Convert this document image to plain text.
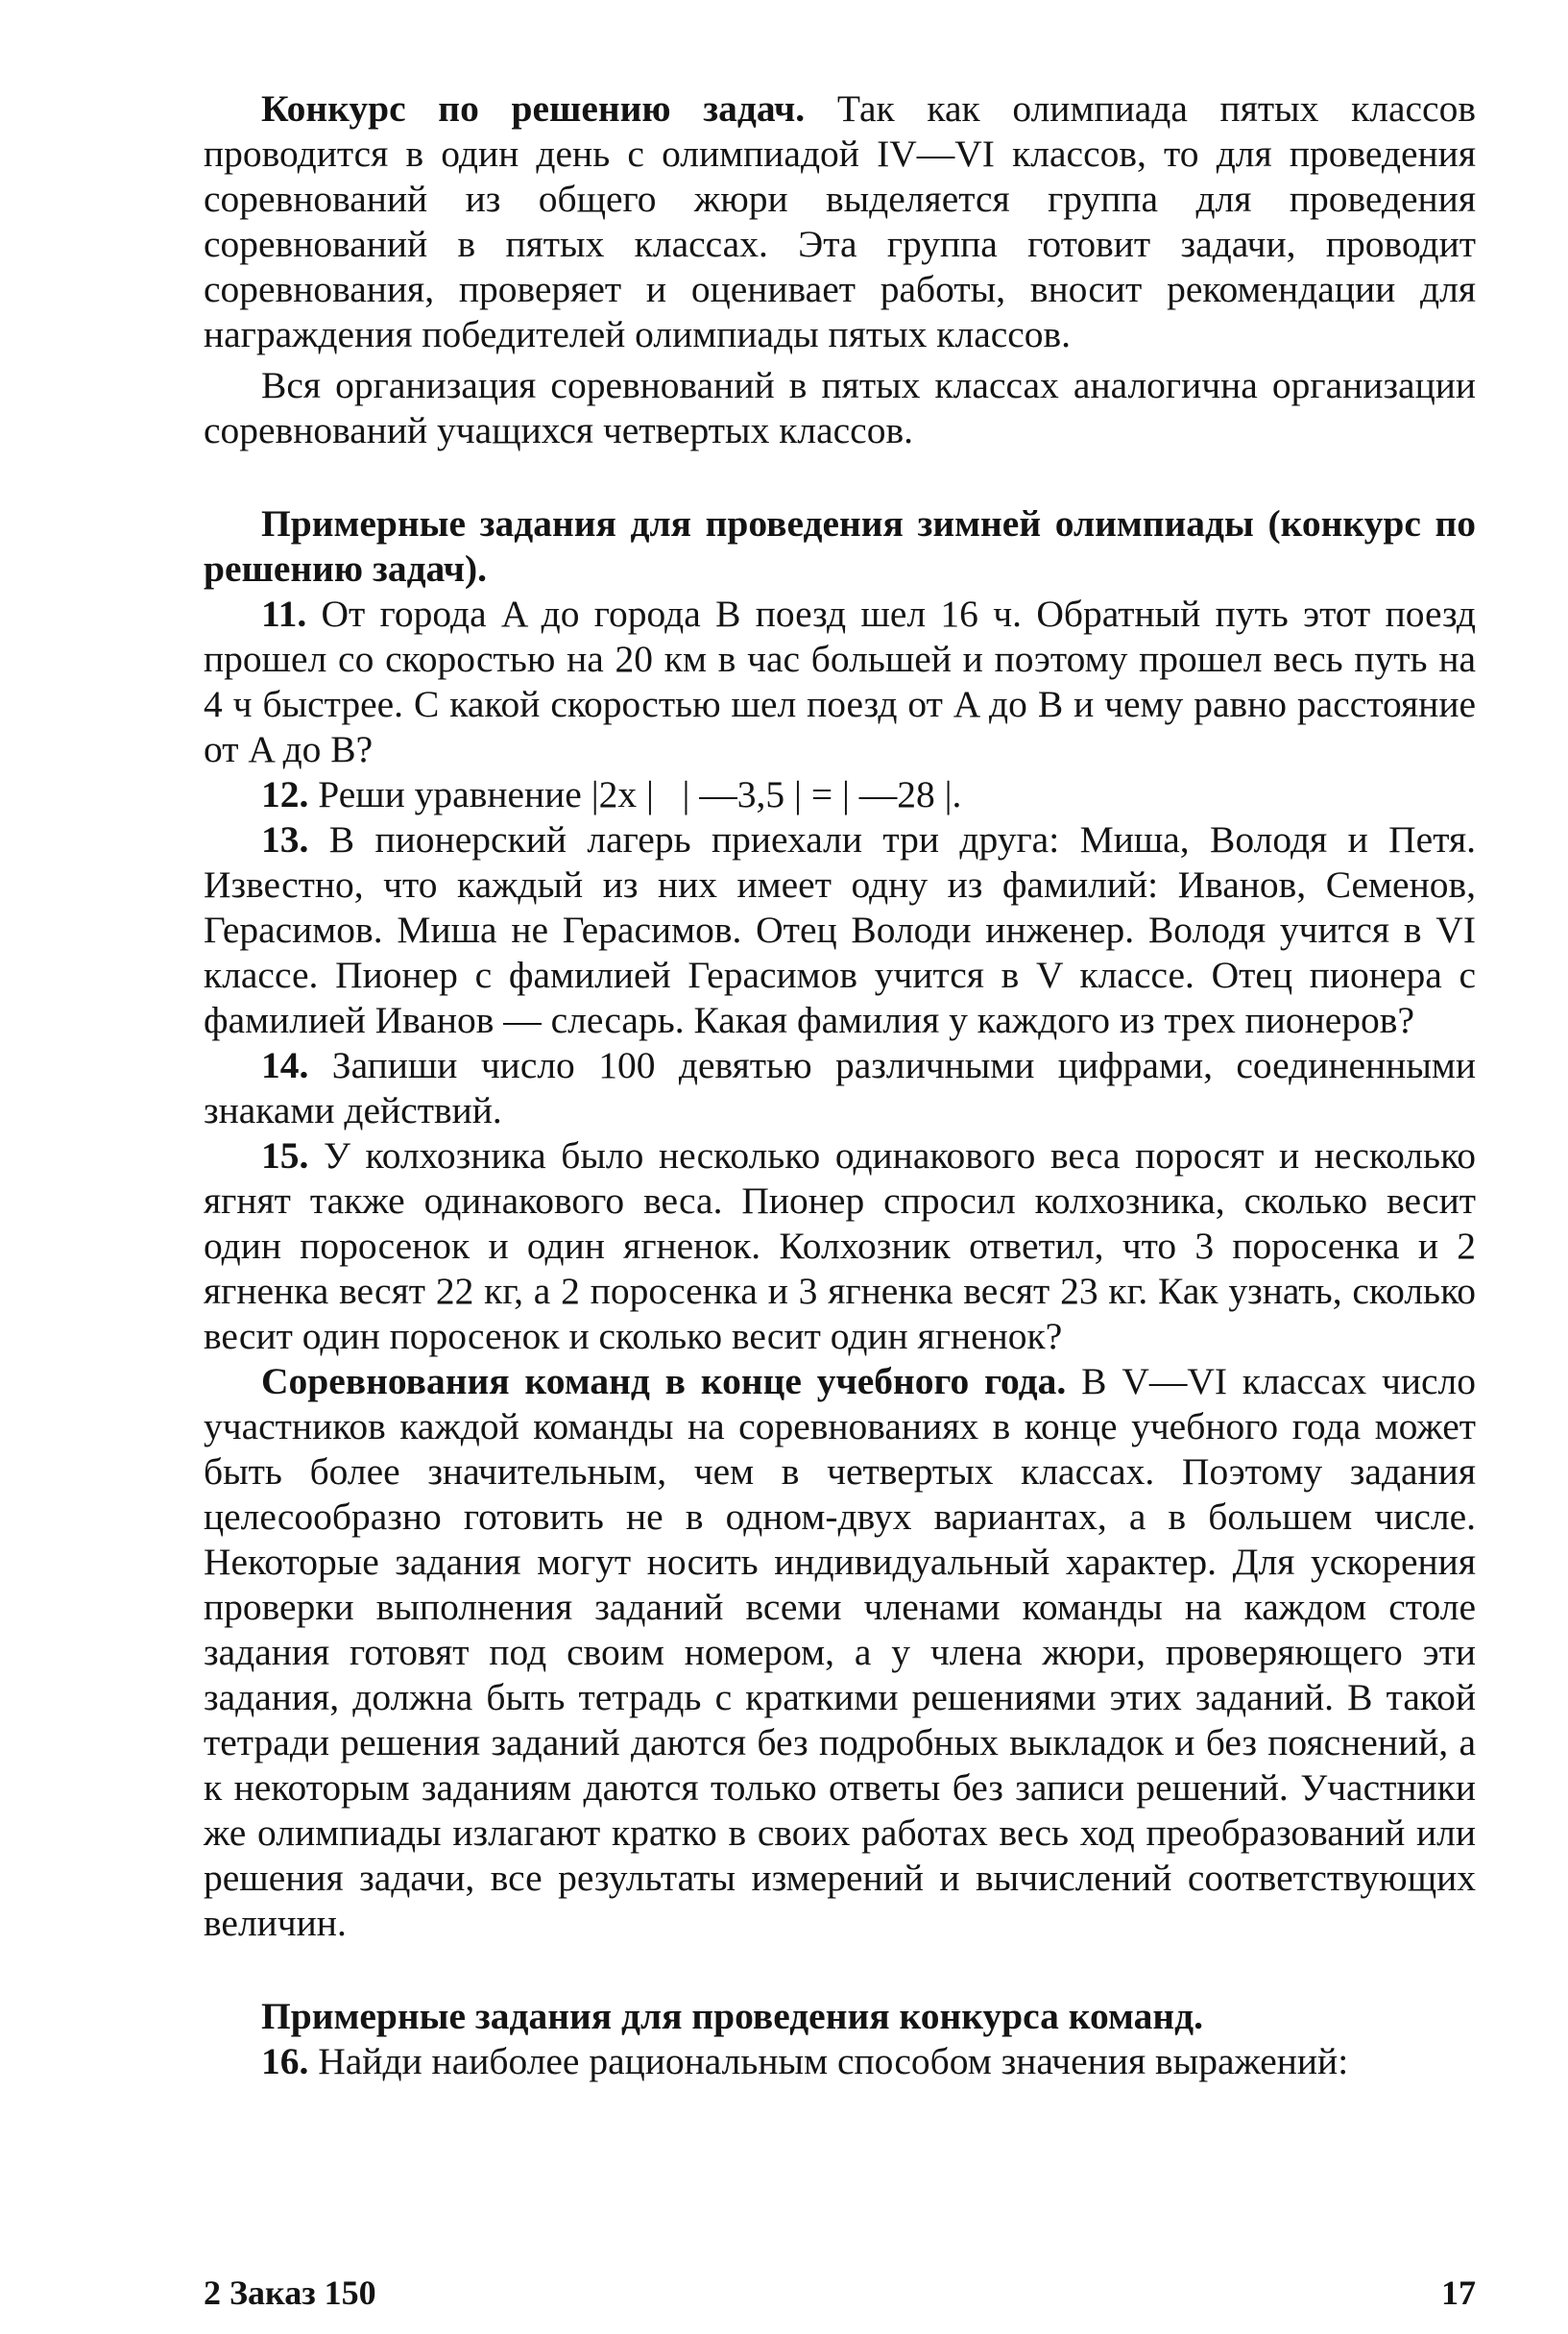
Конкурс по решению задач. Так как олимпиада пятых классов проводится в один день с олимпиадой IV—VI классов, то для проведения соревнований из общего жюри выделяется группа для проведения соревнований в пятых классах. Эта группа готовит задачи, проводит соревнования, проверяет и оценивает работы, вносит рекомендации для награждения победителей олимпиады пятых классов.

Вся организация соревнований в пятых классах аналогична организации соревнований учащихся четвертых классов.

Примерные задания для проведения зимней олимпиады (конкурс по решению задач).

11. От города A до города B поезд шел 16 ч. Обратный путь этот поезд прошел со скоростью на 20 км в час большей и поэтому прошел весь путь на 4 ч быстрее. С какой скоростью шел поезд от A до B и чему равно расстояние от A до B?

12. Реши уравнение |2x |   | —3,5 | = | —28 |.

13. В пионерский лагерь приехали три друга: Миша, Володя и Петя. Известно, что каждый из них имеет одну из фамилий: Иванов, Семенов, Герасимов. Миша не Герасимов. Отец Володи инженер. Володя учится в VI классе. Пионер с фамилией Герасимов учится в V классе. Отец пионера с фамилией Иванов — слесарь. Какая фамилия у каждого из трех пионеров?

14. Запиши число 100 девятью различными цифрами, соединенными знаками действий.

15. У колхозника было несколько одинакового веса поросят и несколько ягнят также одинакового веса. Пионер спросил колхозника, сколько весит один поросенок и один ягненок. Колхозник ответил, что 3 поросенка и 2 ягненка весят 22 кг, а 2 поросенка и 3 ягненка весят 23 кг. Как узнать, сколько весит один поросенок и сколько весит один ягненок?

Соревнования команд в конце учебного года. В V—VI классах число участников каждой команды на соревнованиях в конце учебного года может быть более значительным, чем в четвертых классах. Поэтому задания целесообразно готовить не в одном-двух вариантах, а в большем числе. Некоторые задания могут носить индивидуальный характер. Для ускорения проверки выполнения заданий всеми членами команды на каждом столе задания готовят под своим номером, а у члена жюри, проверяющего эти задания, должна быть тетрадь с краткими решениями этих заданий. В такой тетради решения заданий даются без подробных выкладок и без пояснений, а к некоторым заданиям даются только ответы без записи решений. Участники же олимпиады излагают кратко в своих работах весь ход преобразований или решения задачи, все результаты измерений и вычислений соответствующих величин.

Примерные задания для проведения конкурса команд.

16. Найди наиболее рациональным способом значения выражений:

2 Заказ 150	17
